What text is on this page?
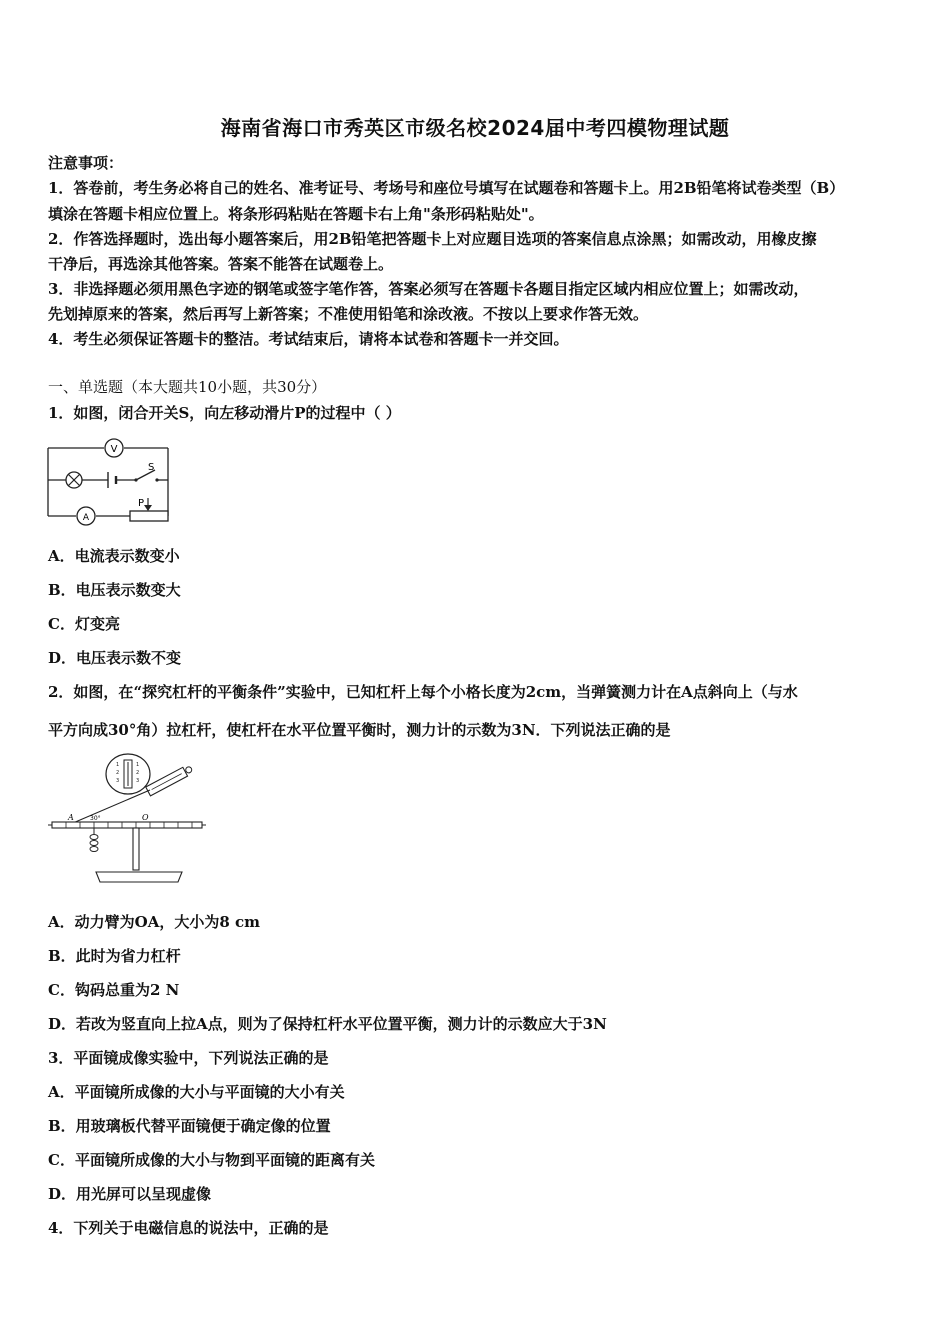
海南省海口市秀英区市级名校2024届中考四模物理试题
注意事项：
1．答卷前，考生务必将自己的姓名、准考证号、考场号和座位号填写在试题卷和答题卡上。用2B铅笔将试卷类型（B）
填涂在答题卡相应位置上。将条形码粘贴在答题卡右上角"条形码粘贴处"。
2．作答选择题时，选出每小题答案后，用2B铅笔把答题卡上对应题目选项的答案信息点涂黑；如需改动，用橡皮擦
干净后，再选涂其他答案。答案不能答在试题卷上。
3．非选择题必须用黑色字迹的钢笔或签字笔作答，答案必须写在答题卡各题目指定区域内相应位置上；如需改动，
先划掉原来的答案，然后再写上新答案；不准使用铅笔和涂改液。不按以上要求作答无效。
4．考生必须保证答题卡的整洁。考试结束后，请将本试卷和答题卡一并交回。
一、单选题（本大题共10小题，共30分）
1．如图，闭合开关S，向左移动滑片P的过程中（ ）
V
S
A
P
A．电流表示数变小
B．电压表示数变大
C．灯变亮
D．电压表示数不变
2．如图，在“探究杠杆的平衡条件”实验中，已知杠杆上每个小格长度为2cm，当弹簧测力计在A点斜向上（与水
平方向成30°角）拉杠杆，使杠杆在水平位置平衡时，测力计的示数为3N．下列说法正确的是
1
2
3
1
2
3
A	30°	O
A．动力臂为OA，大小为8 cm
B．此时为省力杠杆
C．钩码总重为2 N
D．若改为竖直向上拉A点，则为了保持杠杆水平位置平衡，测力计的示数应大于3N
3．平面镜成像实验中，下列说法正确的是
A．平面镜所成像的大小与平面镜的大小有关
B．用玻璃板代替平面镜便于确定像的位置
C．平面镜所成像的大小与物到平面镜的距离有关
D．用光屏可以呈现虚像
4．下列关于电磁信息的说法中，正确的是
